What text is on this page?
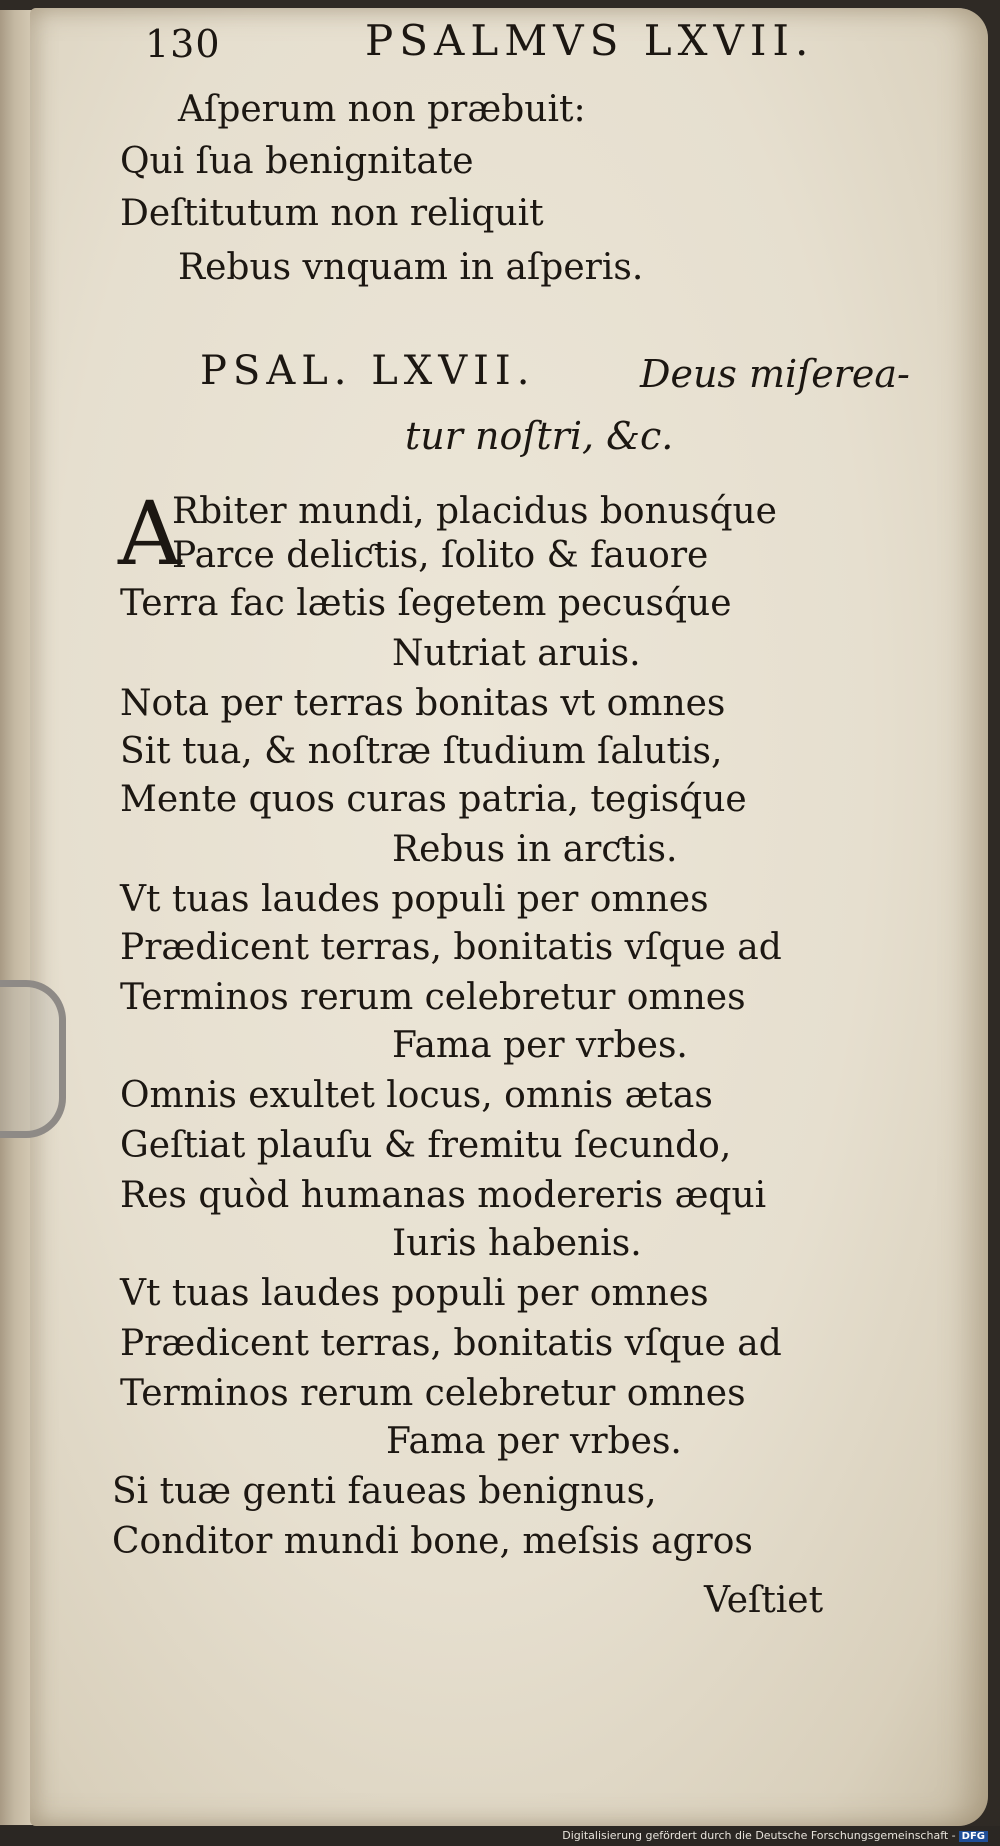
130	PSALMVS LXVII.
Aſperum non præbuit:
Qui ſua benignitate
Deſtitutum non reliquit
Rebus vnquam in aſperis.
PSAL. LXVII.	Deus miſerea-
tur noſtri, &c.
A
Rbiter mundi, placidus bonusq́ue
Parce deliƈtis, ſolito & fauore
Terra fac lætis ſegetem pecusq́ue
Nutriat aruis.
Nota per terras bonitas vt omnes
Sit tua, & noſtræ ſtudium ſalutis,
Mente quos curas patria, tegisq́ue
Rebus in arƈtis.
Vt tuas laudes populi per omnes
Prædicent terras, bonitatis vſque ad
Terminos rerum celebretur omnes
Fama per vrbes.
Omnis exultet locus, omnis ætas
Geſtiat plauſu & fremitu ſecundo,
Res quòd humanas modereris æqui
Iuris habenis.
Vt tuas laudes populi per omnes
Prædicent terras, bonitatis vſque ad
Terminos rerum celebretur omnes
Fama per vrbes.
Si tuæ genti faueas benignus,
Conditor mundi bone, meſsis agros
Veſtiet
Digitalisierung gefördert durch die Deutsche Forschungsgemeinschaft - DFG
